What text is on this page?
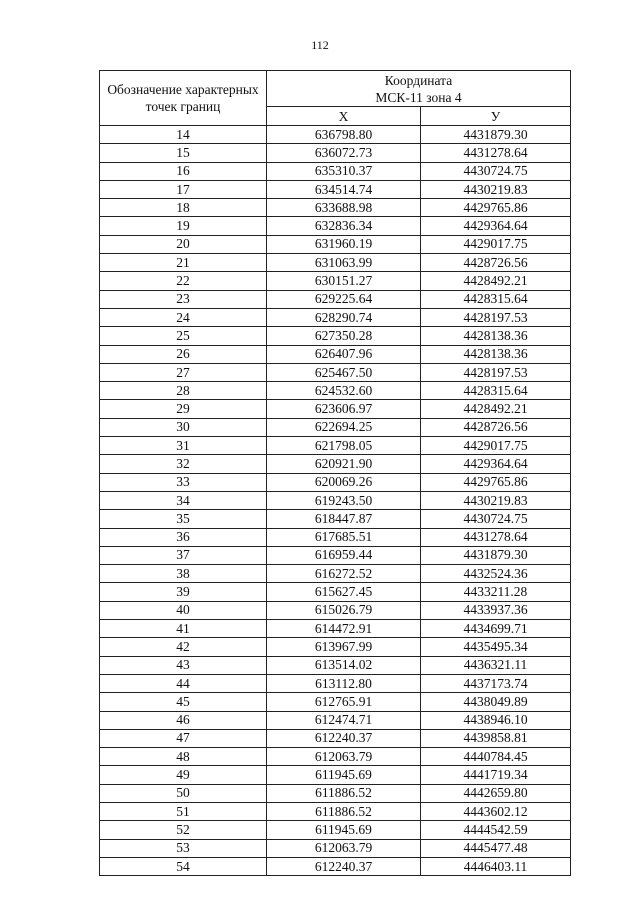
112
Обозначение характерных точек границ	Координата
МСК-11 зона 4	

	X	У
14	636798.80	4431879.30
15	636072.73	4431278.64
16	635310.37	4430724.75
17	634514.74	4430219.83
18	633688.98	4429765.86
19	632836.34	4429364.64
20	631960.19	4429017.75
21	631063.99	4428726.56
22	630151.27	4428492.21
23	629225.64	4428315.64
24	628290.74	4428197.53
25	627350.28	4428138.36
26	626407.96	4428138.36
27	625467.50	4428197.53
28	624532.60	4428315.64
29	623606.97	4428492.21
30	622694.25	4428726.56
31	621798.05	4429017.75
32	620921.90	4429364.64
33	620069.26	4429765.86
34	619243.50	4430219.83
35	618447.87	4430724.75
36	617685.51	4431278.64
37	616959.44	4431879.30
38	616272.52	4432524.36
39	615627.45	4433211.28
40	615026.79	4433937.36
41	614472.91	4434699.71
42	613967.99	4435495.34
43	613514.02	4436321.11
44	613112.80	4437173.74
45	612765.91	4438049.89
46	612474.71	4438946.10
47	612240.37	4439858.81
48	612063.79	4440784.45
49	611945.69	4441719.34
50	611886.52	4442659.80
51	611886.52	4443602.12
52	611945.69	4444542.59
53	612063.79	4445477.48
54	612240.37	4446403.11
